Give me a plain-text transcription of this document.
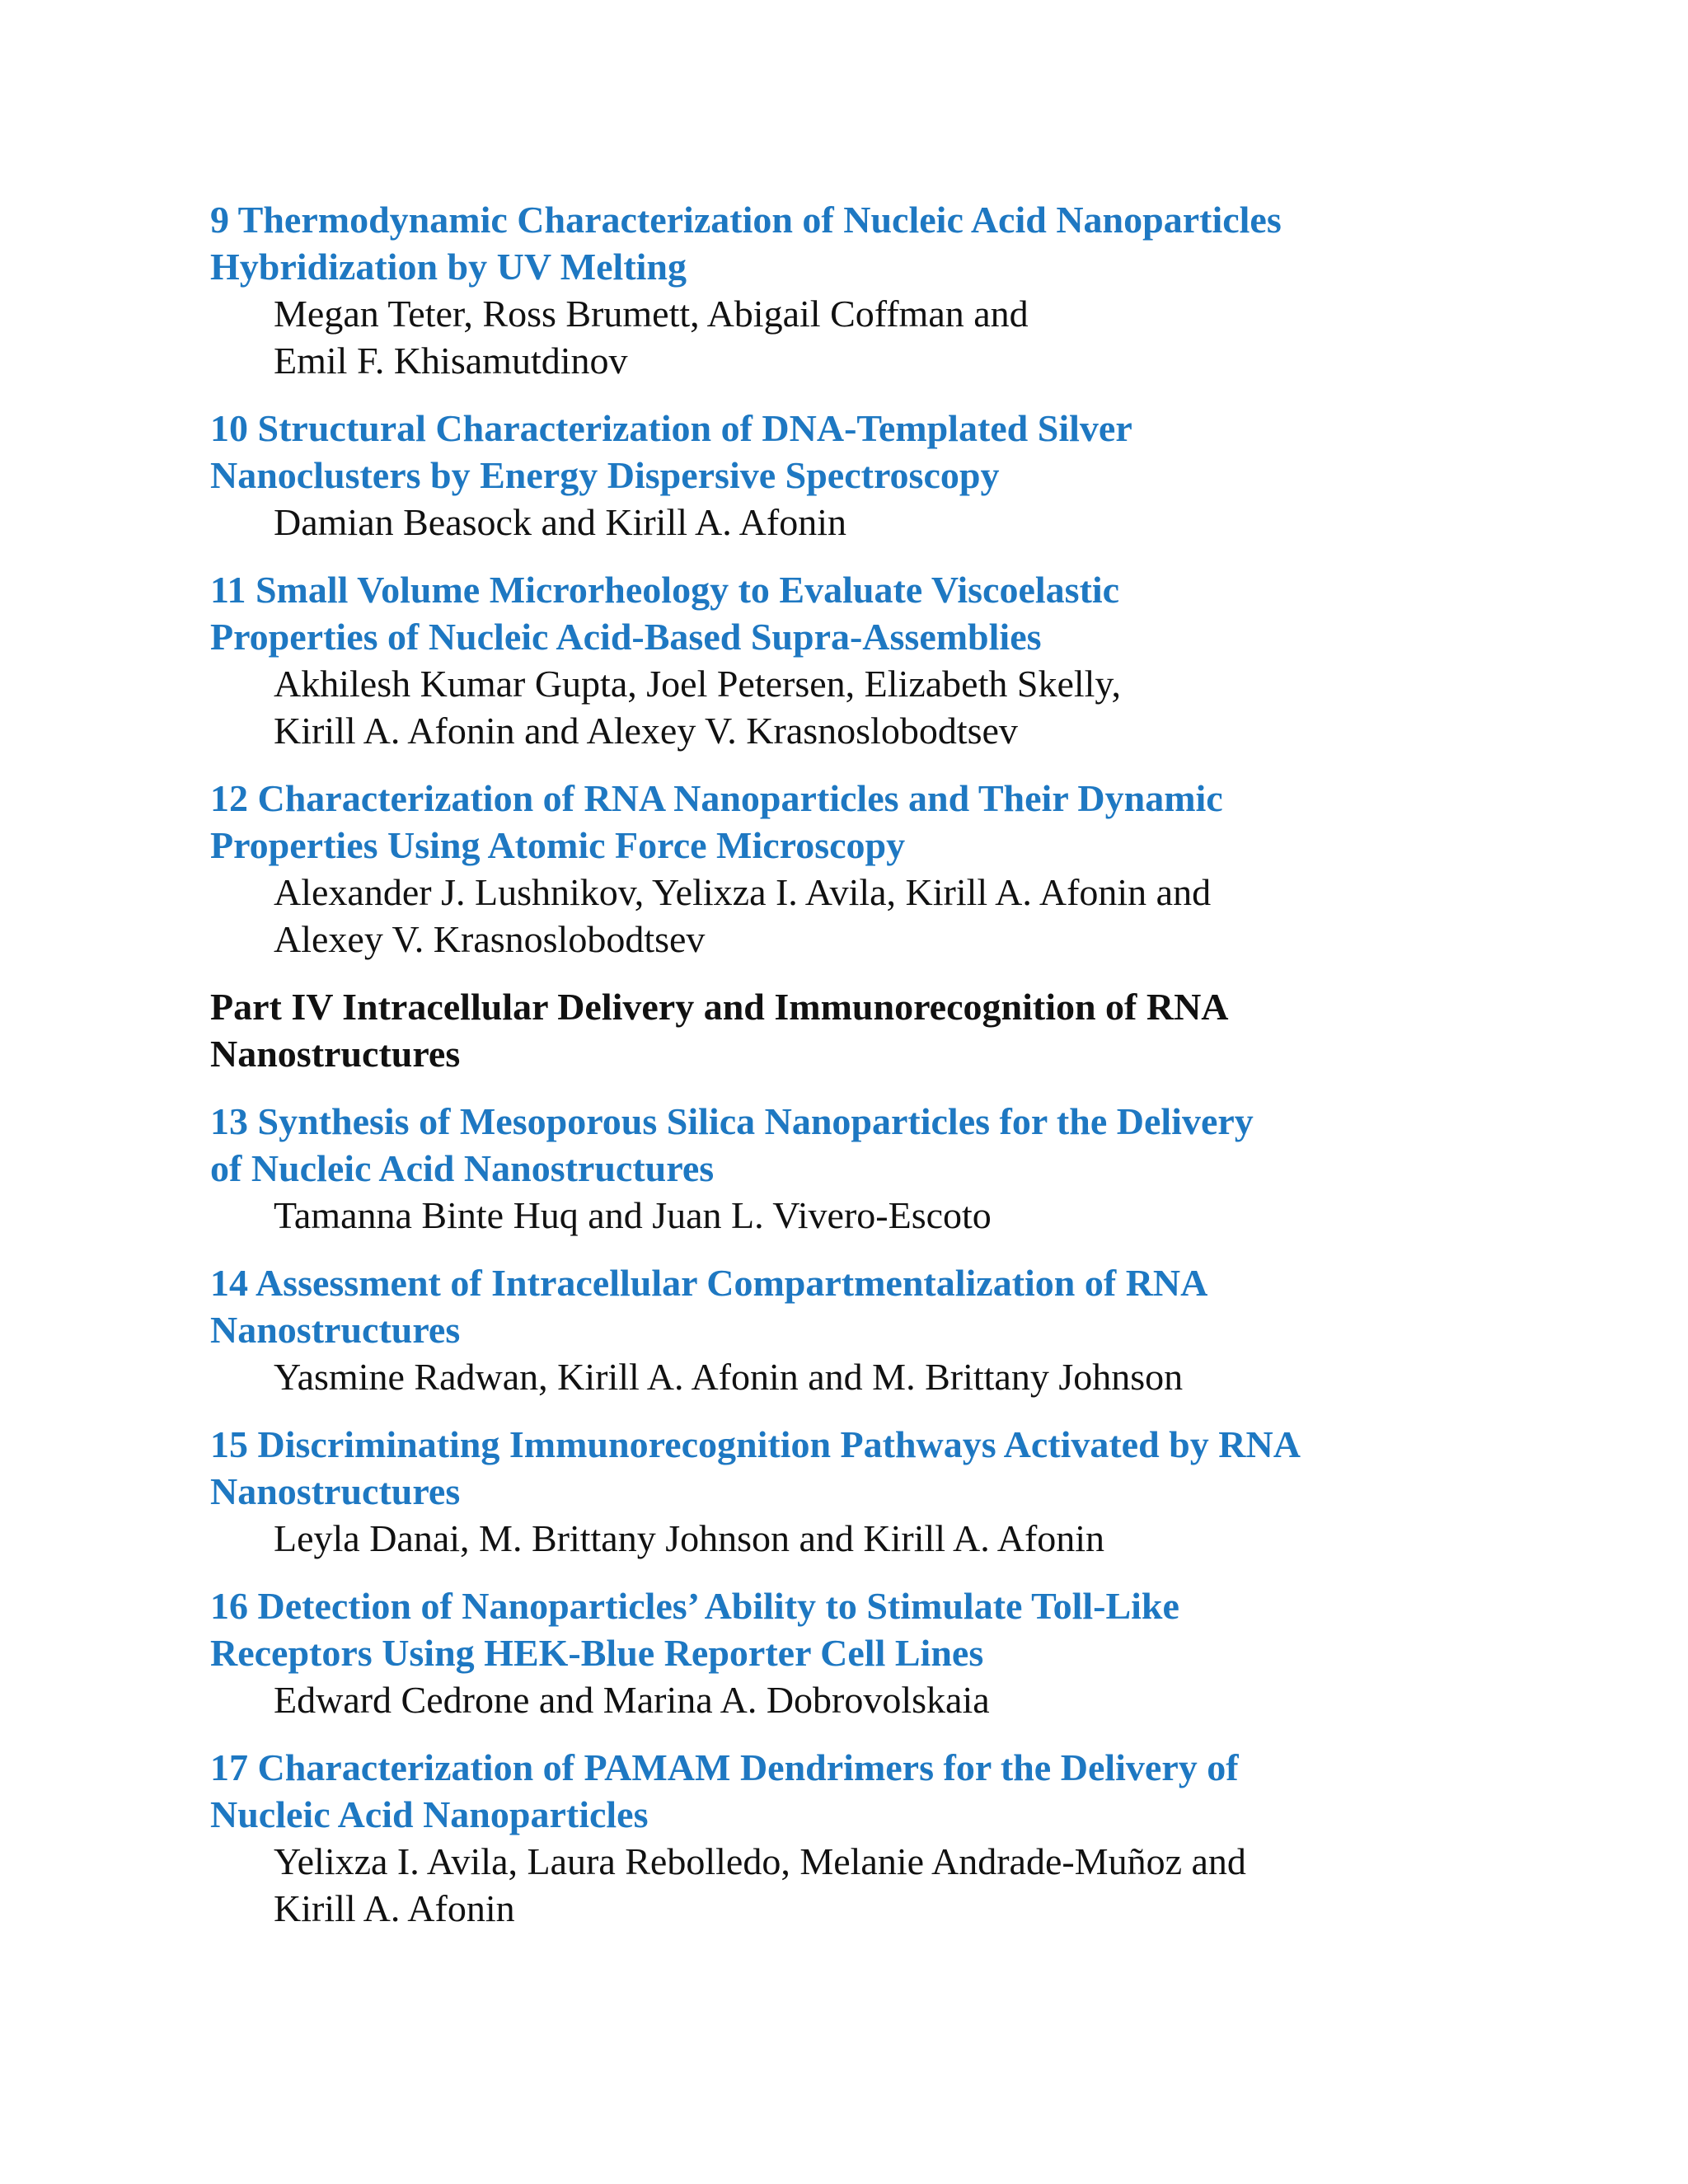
9 Thermodynamic Characterization of Nucleic Acid Nanoparticles
Hybridization by UV Melting
Megan Teter, Ross Brumett, Abigail Coffman and
Emil F. Khisamutdinov
10 Structural Characterization of DNA-Templated Silver
Nanoclusters by Energy Dispersive Spectroscopy
Damian Beasock and Kirill A. Afonin
11 Small Volume Microrheology to Evaluate Viscoelastic
Properties of Nucleic Acid-Based Supra-Assemblies
Akhilesh Kumar Gupta, Joel Petersen, Elizabeth Skelly,
Kirill A. Afonin and Alexey V. Krasnoslobodtsev
12 Characterization of RNA Nanoparticles and Their Dynamic
Properties Using Atomic Force Microscopy
Alexander J. Lushnikov, Yelixza I. Avila, Kirill A. Afonin and
Alexey V. Krasnoslobodtsev
Part IV Intracellular Delivery and Immunorecognition of RNA
Nanostructures
13 Synthesis of Mesoporous Silica Nanoparticles for the Delivery
of Nucleic Acid Nanostructures
Tamanna Binte Huq and Juan L. Vivero-Escoto
14 Assessment of Intracellular Compartmentalization of RNA
Nanostructures
Yasmine Radwan, Kirill A. Afonin and M. Brittany Johnson
15 Discriminating Immunorecognition Pathways Activated by RNA
Nanostructures
Leyla Danai, M. Brittany Johnson and Kirill A. Afonin
16 Detection of Nanoparticles’ Ability to Stimulate Toll-Like
Receptors Using HEK-Blue Reporter Cell Lines
Edward Cedrone and Marina A. Dobrovolskaia
17 Characterization of PAMAM Dendrimers for the Delivery of
Nucleic Acid Nanoparticles
Yelixza I. Avila, Laura Rebolledo, Melanie Andrade-Muñoz and
Kirill A. Afonin
